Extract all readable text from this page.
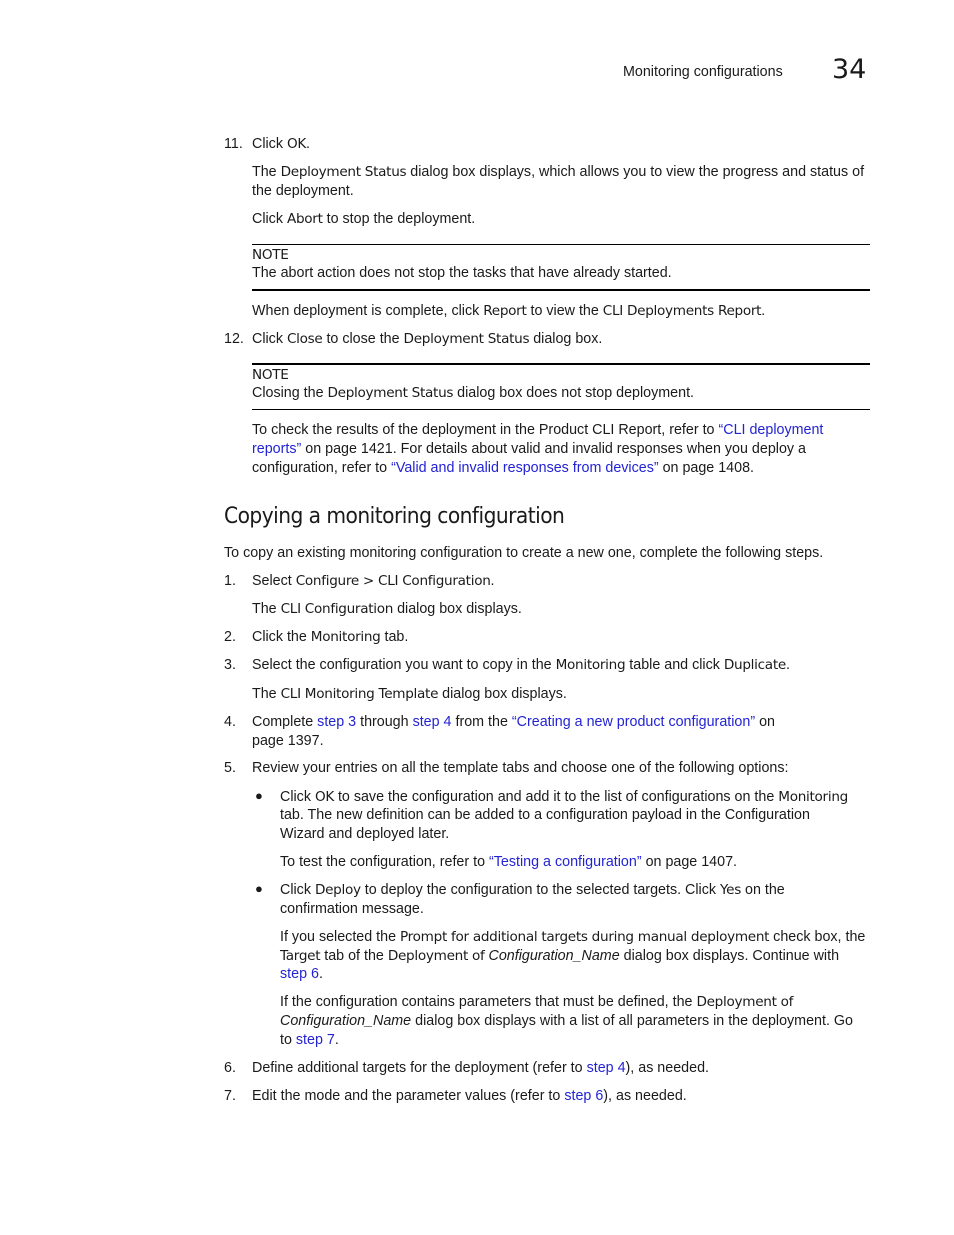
Monitoring configurations 34
11. Click OK.
The Deployment Status dialog box displays, which allows you to view the progress and status of
the deployment.
Click Abort to stop the deployment.
NOTE
The abort action does not stop the tasks that have already started.
When deployment is complete, click Report to view the CLI Deployments Report.
12. Click Close to close the Deployment Status dialog box.
NOTE
Closing the Deployment Status dialog box does not stop deployment.
To check the results of the deployment in the Product CLI Report, refer to “CLI deployment
reports” on page 1421. For details about valid and invalid responses when you deploy a
configuration, refer to “Valid and invalid responses from devices” on page 1408.
Copying a monitoring configuration
To copy an existing monitoring configuration to create a new one, complete the following steps.
1. Select Configure > CLI Configuration.
The CLI Configuration dialog box displays.
2. Click the Monitoring tab.
3. Select the configuration you want to copy in the Monitoring table and click Duplicate.
The CLI Monitoring Template dialog box displays.
4. Complete step 3 through step 4 from the “Creating a new product configuration” on
page 1397.
5. Review your entries on all the template tabs and choose one of the following options:
● Click OK to save the configuration and add it to the list of configurations on the Monitoring
tab. The new definition can be added to a configuration payload in the Configuration
Wizard and deployed later.
To test the configuration, refer to “Testing a configuration” on page 1407.
● Click Deploy to deploy the configuration to the selected targets. Click Yes on the
confirmation message.
If you selected the Prompt for additional targets during manual deployment check box, the
Target tab of the Deployment of Configuration_Name dialog box displays. Continue with
step 6.
If the configuration contains parameters that must be defined, the Deployment of
Configuration_Name dialog box displays with a list of all parameters in the deployment. Go
to step 7.
6. Define additional targets for the deployment (refer to step 4), as needed.
7. Edit the mode and the parameter values (refer to step 6), as needed.
